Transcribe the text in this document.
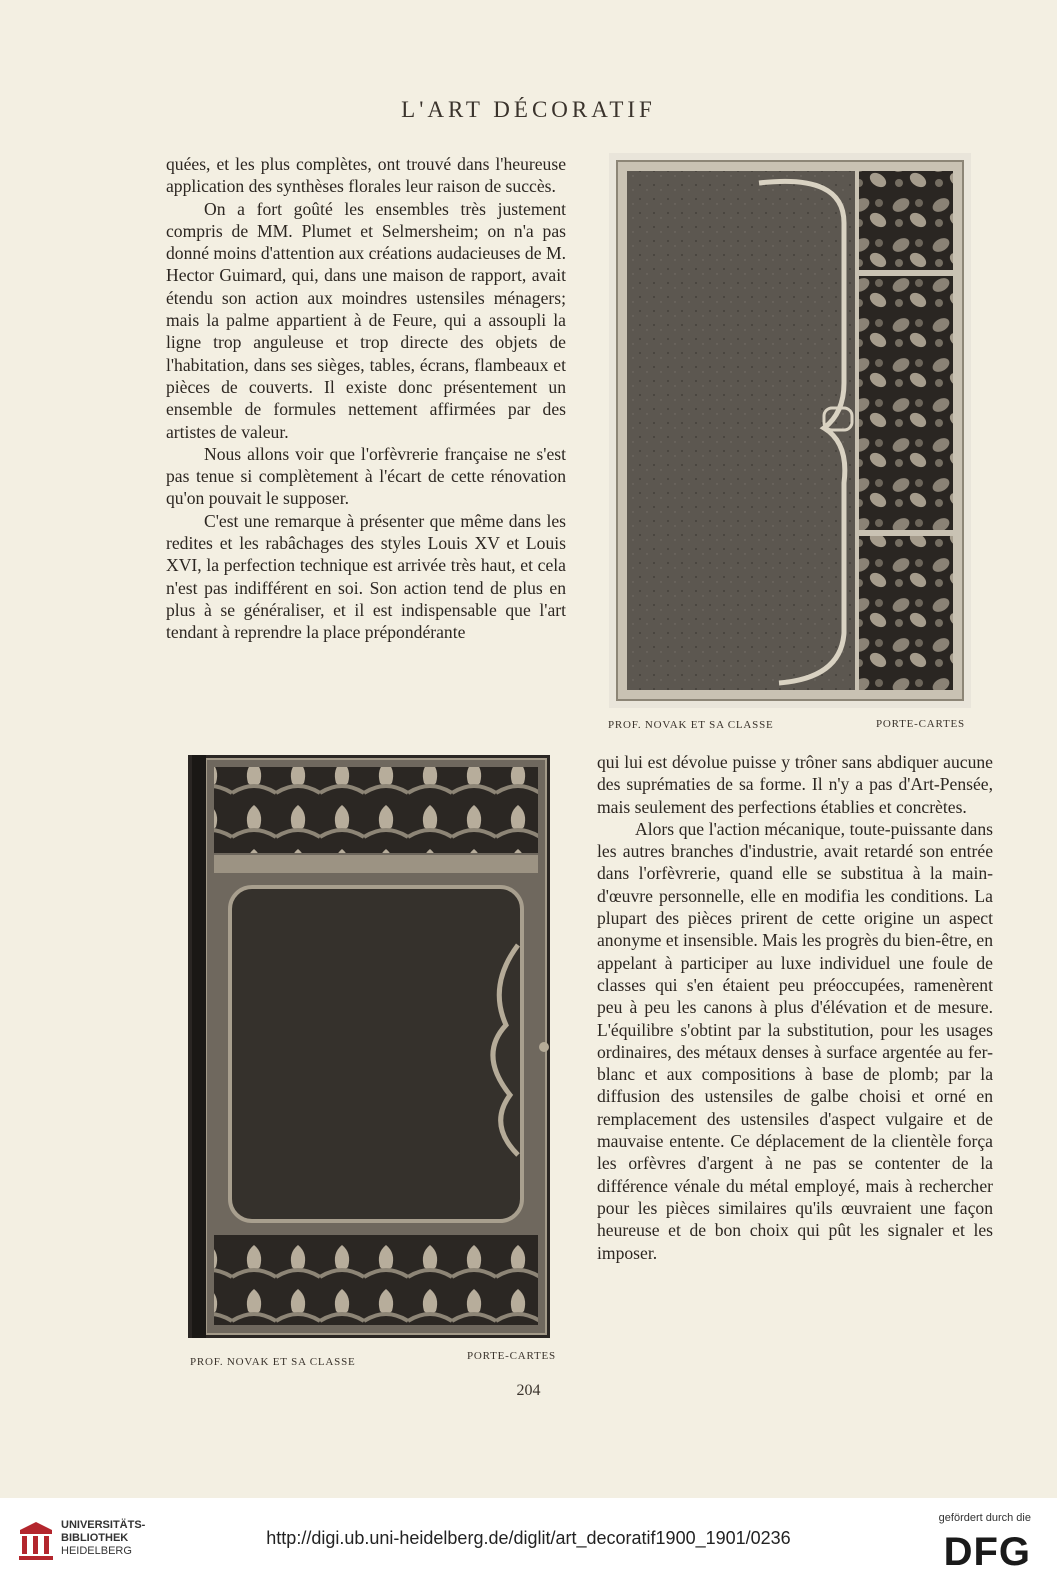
L'ART DÉCORATIF

quées, et les plus complètes, ont trouvé dans l'heureuse application des synthèses florales leur raison de succès.

On a fort goûté les ensembles très justement compris de MM. Plumet et Selmersheim; on n'a pas donné moins d'attention aux créations audacieuses de M. Hector Guimard, qui, dans une maison de rapport, avait étendu son action aux moindres ustensiles ménagers; mais la palme appartient à de Feure, qui a assoupli la ligne trop anguleuse et trop directe des objets de l'habitation, dans ses sièges, tables, écrans, flambeaux et pièces de couverts. Il existe donc présentement un ensemble de formules nettement affirmées par des artistes de valeur.

Nous allons voir que l'orfèvrerie française ne s'est pas tenue si complètement à l'écart de cette rénovation qu'on pouvait le supposer.

C'est une remarque à présenter que même dans les redites et les rabâchages des styles Louis XV et Louis XVI, la perfection technique est arrivée très haut, et cela n'est pas indifférent en soi. Son action tend de plus en plus à se généraliser, et il est indispensable que l'art tendant à reprendre la place prépondérante

PROF. NOVAK ET SA CLASSE	PORTE-CARTES
PROF. NOVAK ET SA CLASSE	PORTE-CARTES

qui lui est dévolue puisse y trôner sans abdiquer aucune des suprématies de sa forme. Il n'y a pas d'Art-Pensée, mais seulement des perfections établies et concrètes.

Alors que l'action mécanique, toute-puissante dans les autres branches d'industrie, avait retardé son entrée dans l'orfèvrerie, quand elle se substitua à la main-d'œuvre personnelle, elle en modifia les conditions. La plupart des pièces prirent de cette origine un aspect anonyme et insensible. Mais les progrès du bien-être, en appelant à participer au luxe individuel une foule de classes qui s'en étaient peu préoccupées, ramenèrent peu à peu les canons à plus d'élévation et de mesure. L'équilibre s'obtint par la substitution, pour les usages ordinaires, des métaux denses à surface argentée au fer-blanc et aux compositions à base de plomb; par la diffusion des ustensiles de galbe choisi et orné en remplacement des ustensiles d'aspect vulgaire et de mauvaise entente. Ce déplacement de la clientèle força les orfèvres d'argent à ne pas se contenter de la différence vénale du métal employé, mais à rechercher pour les pièces similaires qu'ils œuvraient une façon heureuse et de bon choix qui pût les signaler et les imposer.

204
UNIVERSITÄTS-
BIBLIOTHEK
HEIDELBERG
http://digi.ub.uni-heidelberg.de/diglit/art_decoratif1900_1901/0236
gefördert durch die
DFG
